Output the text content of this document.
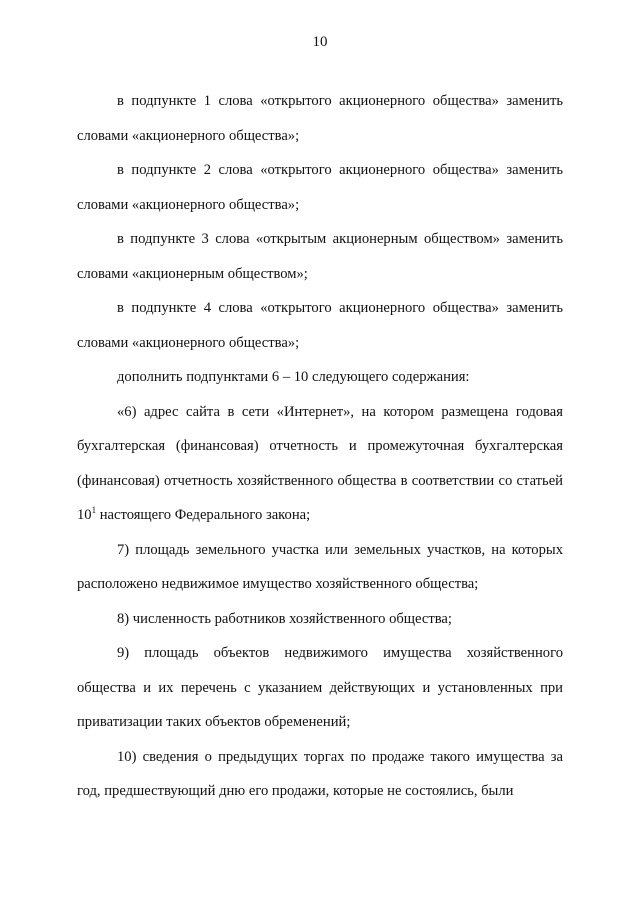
10

в подпункте 1 слова «открытого акционерного общества» заменить словами «акционерного общества»;

в подпункте 2 слова «открытого акционерного общества» заменить словами «акционерного общества»;

в подпункте 3 слова «открытым акционерным обществом» заменить словами «акционерным обществом»;

в подпункте 4 слова «открытого акционерного общества» заменить словами «акционерного общества»;

дополнить подпунктами 6 – 10 следующего содержания:

«6) адрес сайта в сети «Интернет», на котором размещена годовая бухгалтерская (финансовая) отчетность и промежуточная бухгалтерская (финансовая) отчетность хозяйственного общества в соответствии со статьей $10^1$ настоящего Федерального закона;

7) площадь земельного участка или земельных участков, на которых расположено недвижимое имущество хозяйственного общества;

8) численность работников хозяйственного общества;

9) площадь объектов недвижимого имущества хозяйственного общества и их перечень с указанием действующих и установленных при приватизации таких объектов обременений;

10) сведения о предыдущих торгах по продаже такого имущества за год, предшествующий дню его продажи, которые не состоялись, были
